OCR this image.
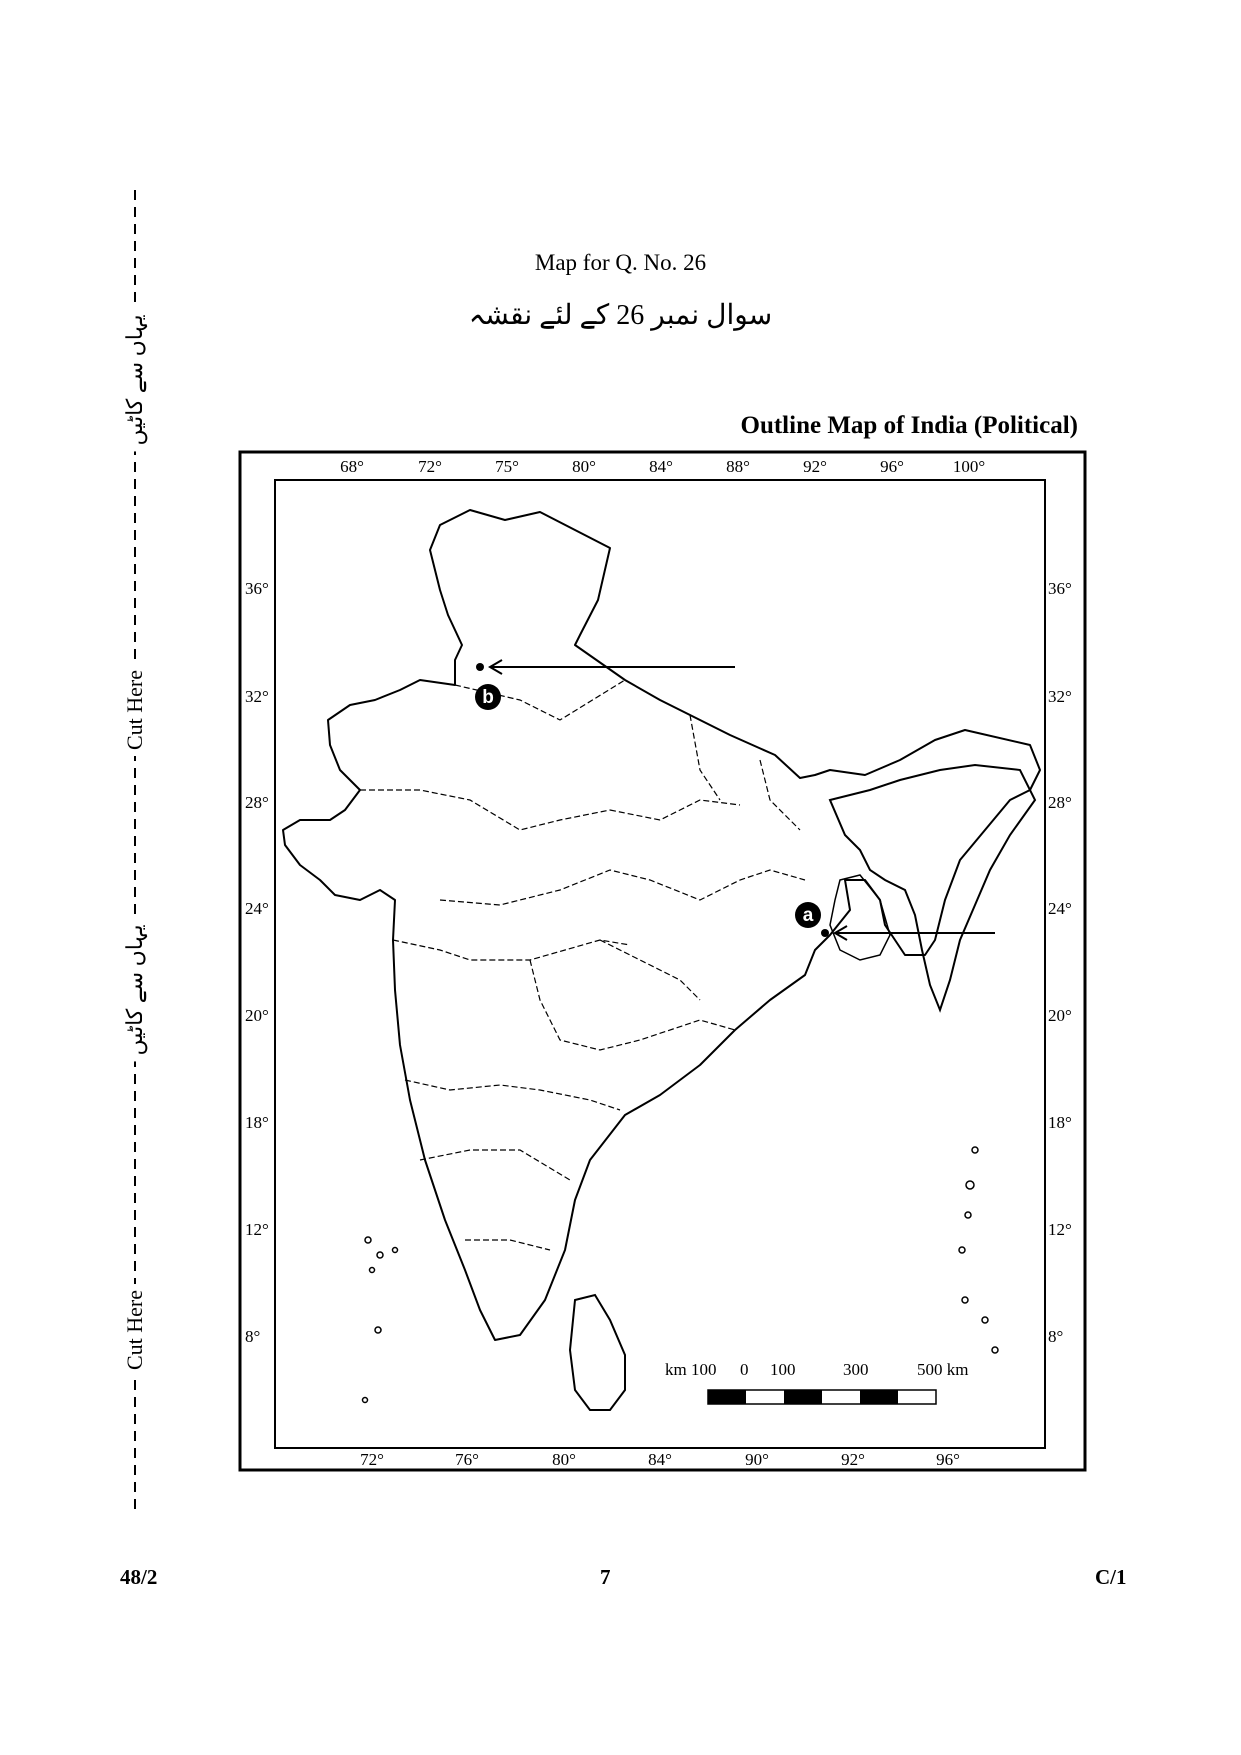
یہاں سے کاٹیں
Cut Here
یہاں سے کاٹیں
Cut Here
Map for Q. No. 26
سوال نمبر 26 کے لئے نقشہ
Outline Map of India (Political)
68°	72°	75°	80°	84°	88°	92°	96°	100°
72°	76°	80°	84°	90°	92°	96°
36°
32°
28°
24°
20°
18°
12°
8°
36°
32°
28°
24°
20°
18°
12°
8°
b
a
km 100 0 100	300	500 km
48/2	7	C/1
